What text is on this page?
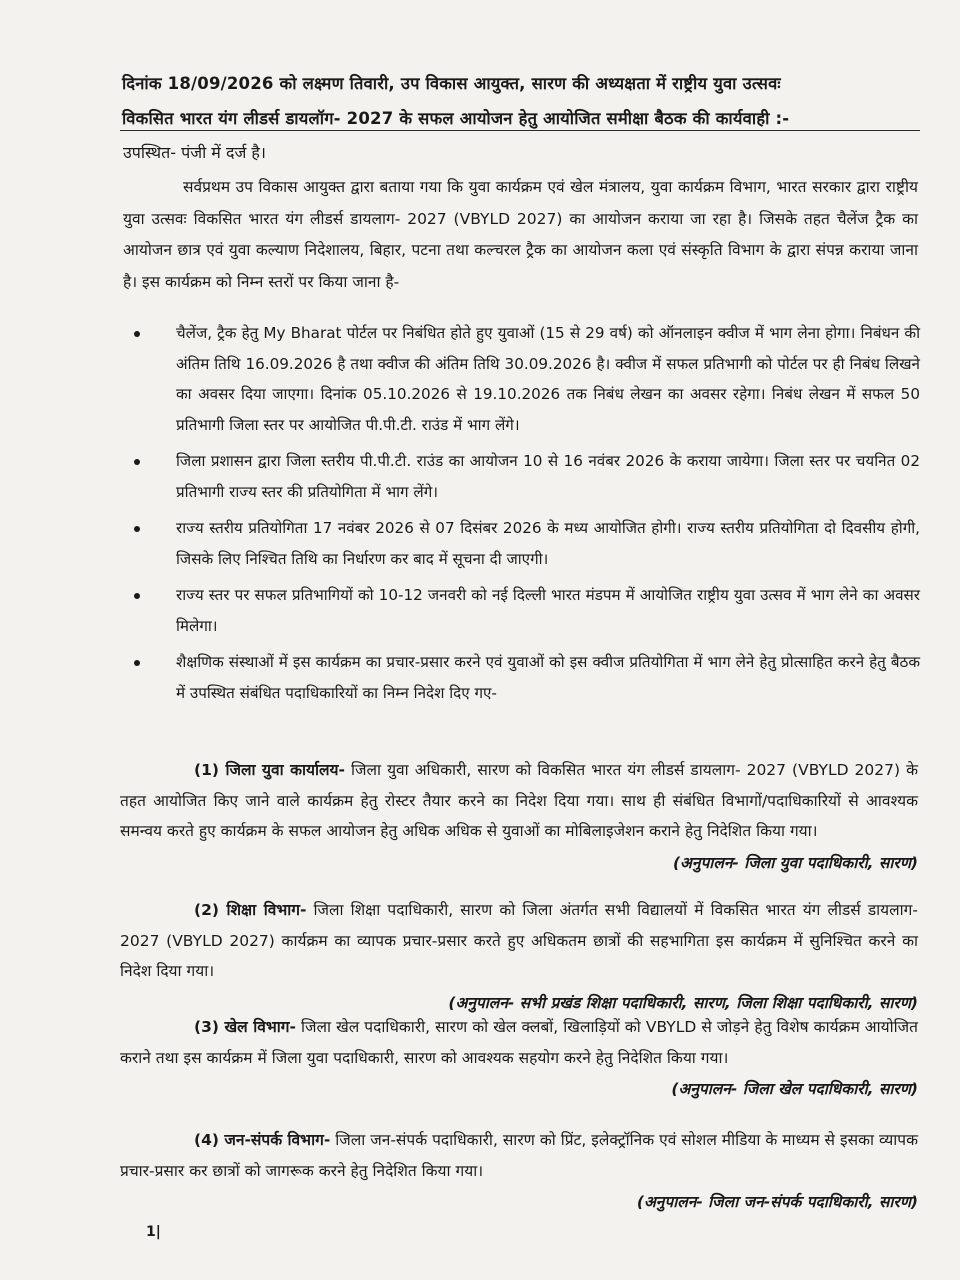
दिनांक 18/09/2026 को लक्ष्मण तिवारी, उप विकास आयुक्त, सारण की अध्यक्षता में राष्ट्रीय युवा उत्सवः
विकसित भारत यंग लीडर्स डायलॉग- 2027 के सफल आयोजन हेतु आयोजित समीक्षा बैठक की कार्यवाही :-
उपस्थित- पंजी में दर्ज है।
सर्वप्रथम उप विकास आयुक्त द्वारा बताया गया कि युवा कार्यक्रम एवं खेल मंत्रालय, युवा कार्यक्रम विभाग, भारत सरकार द्वारा राष्ट्रीय युवा उत्सवः विकसित भारत यंग लीडर्स डायलाग- 2027 (VBYLD 2027) का आयोजन कराया जा रहा है। जिसके तहत चैलेंज ट्रैक का आयोजन छात्र एवं युवा कल्याण निदेशालय, बिहार, पटना तथा कल्चरल ट्रैक का आयोजन कला एवं संस्कृति विभाग के द्वारा संपन्न कराया जाना है। इस कार्यक्रम को निम्न स्तरों पर किया जाना है-
चैलेंज, ट्रैक हेतु My Bharat पोर्टल पर निबंधित होते हुए युवाओं (15 से 29 वर्ष) को ऑनलाइन क्वीज में भाग लेना होगा। निबंधन की अंतिम तिथि 16.09.2026 है तथा क्वीज की अंतिम तिथि 30.09.2026 है। क्वीज में सफल प्रतिभागी को पोर्टल पर ही निबंध लिखने का अवसर दिया जाएगा। दिनांक 05.10.2026 से 19.10.2026 तक निबंध लेखन का अवसर रहेगा। निबंध लेखन में सफल 50 प्रतिभागी जिला स्तर पर आयोजित पी.पी.टी. राउंड में भाग लेंगे।
जिला प्रशासन द्वारा जिला स्तरीय पी.पी.टी. राउंड का आयोजन 10 से 16 नवंबर 2026 के कराया जायेगा। जिला स्तर पर चयनित 02 प्रतिभागी राज्य स्तर की प्रतियोगिता में भाग लेंगे।
राज्य स्तरीय प्रतियोगिता 17 नवंबर 2026 से 07 दिसंबर 2026 के मध्य आयोजित होगी। राज्य स्तरीय प्रतियोगिता दो दिवसीय होगी, जिसके लिए निश्चित तिथि का निर्धारण कर बाद में सूचना दी जाएगी।
राज्य स्तर पर सफल प्रतिभागियों को 10-12 जनवरी को नई दिल्ली भारत मंडपम में आयोजित राष्ट्रीय युवा उत्सव में भाग लेने का अवसर मिलेगा।
शैक्षणिक संस्थाओं में इस कार्यक्रम का प्रचार-प्रसार करने एवं युवाओं को इस क्वीज प्रतियोगिता में भाग लेने हेतु प्रोत्साहित करने हेतु बैठक में उपस्थित संबंधित पदाधिकारियों का निम्न निदेश दिए गए-
(1) जिला युवा कार्यालय- जिला युवा अधिकारी, सारण को विकसित भारत यंग लीडर्स डायलाग- 2027 (VBYLD 2027) के तहत आयोजित किए जाने वाले कार्यक्रम हेतु रोस्टर तैयार करने का निदेश दिया गया। साथ ही संबंधित विभागों/पदाधिकारियों से आवश्यक समन्वय करते हुए कार्यक्रम के सफल आयोजन हेतु अधिक अधिक से युवाओं का मोबिलाइजेशन कराने हेतु निदेशित किया गया।
(अनुपालन- जिला युवा पदाधिकारी, सारण)
(2) शिक्षा विभाग- जिला शिक्षा पदाधिकारी, सारण को जिला अंतर्गत सभी विद्यालयों में विकसित भारत यंग लीडर्स डायलाग- 2027 (VBYLD 2027) कार्यक्रम का व्यापक प्रचार-प्रसार करते हुए अधिकतम छात्रों की सहभागिता इस कार्यक्रम में सुनिश्चित करने का निदेश दिया गया।
(अनुपालन- सभी प्रखंड शिक्षा पदाधिकारी, सारण, जिला शिक्षा पदाधिकारी, सारण)
(3) खेल विभाग- जिला खेल पदाधिकारी, सारण को खेल क्लबों, खिलाड़ियों को VBYLD से जोड़ने हेतु विशेष कार्यक्रम आयोजित कराने तथा इस कार्यक्रम में जिला युवा पदाधिकारी, सारण को आवश्यक सहयोग करने हेतु निदेशित किया गया।
(अनुपालन- जिला खेल पदाधिकारी, सारण)
(4) जन-संपर्क विभाग- जिला जन-संपर्क पदाधिकारी, सारण को प्रिंट, इलेक्ट्रॉनिक एवं सोशल मीडिया के माध्यम से इसका व्यापक प्रचार-प्रसार कर छात्रों को जागरूक करने हेतु निदेशित किया गया।
(अनुपालन- जिला जन-संपर्क पदाधिकारी, सारण)
1|
